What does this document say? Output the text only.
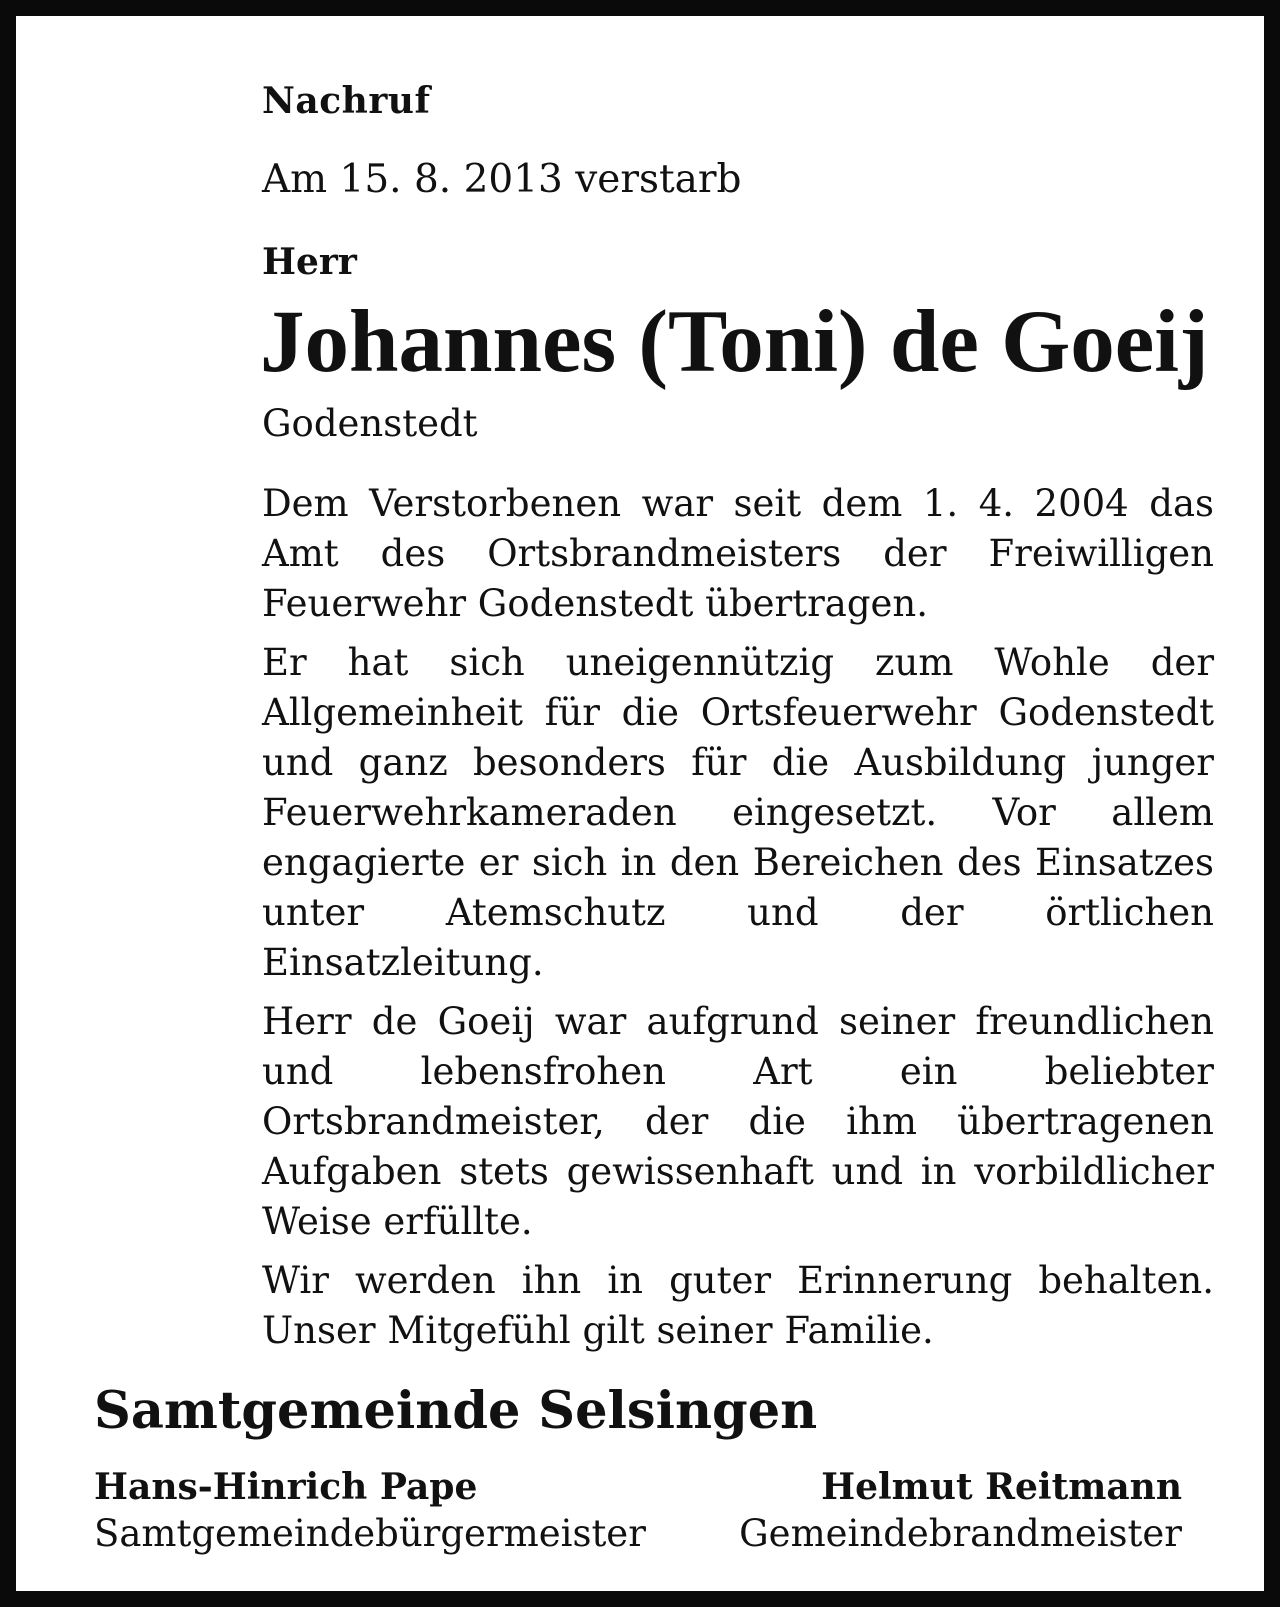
Nachruf
Am 15. 8. 2013 verstarb
Herr
Johannes (Toni) de Goeij
Godenstedt

Dem Verstorbenen war seit dem 1. 4. 2004 das Amt des Ortsbrandmeisters der Freiwilligen Feuerwehr Godenstedt übertragen.

Er hat sich uneigennützig zum Wohle der Allgemeinheit für die Ortsfeuerwehr Godenstedt und ganz besonders für die Ausbildung junger Feuerwehrkameraden eingesetzt. Vor allem engagierte er sich in den Bereichen des Einsatzes unter Atemschutz und der örtlichen Einsatzleitung.

Herr de Goeij war aufgrund seiner freundlichen und lebensfrohen Art ein beliebter Ortsbrandmeister, der die ihm übertragenen Aufgaben stets gewissenhaft und in vorbildlicher Weise erfüllte.

Wir werden ihn in guter Erinnerung behalten. Unser Mitgefühl gilt seiner Familie.

Samtgemeinde Selsingen
Hans-Hinrich Pape
Samtgemeindebürgermeister
Helmut Reitmann
Gemeindebrandmeister
